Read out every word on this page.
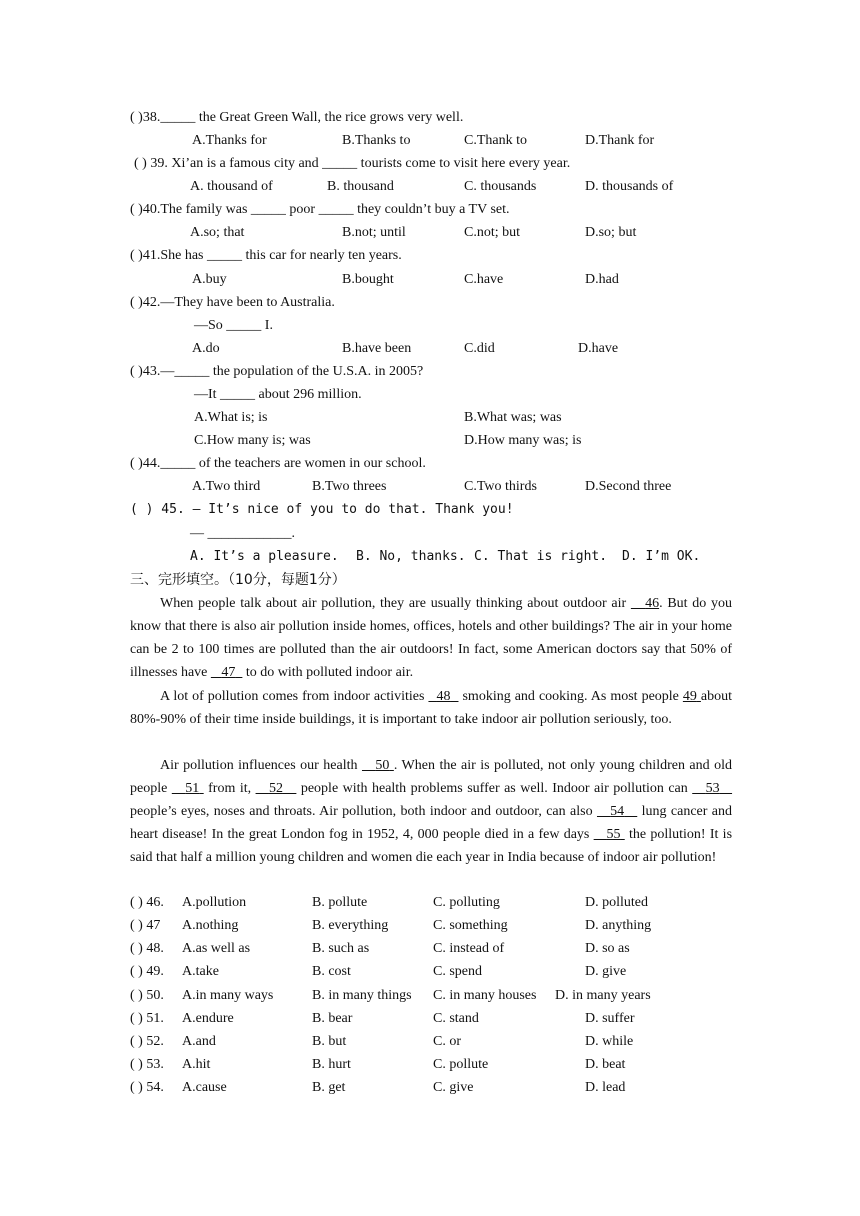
( )38._____ the Great Green Wall, the rice grows very well.
A.Thanks for	B.Thanks to	C.Thank to	D.Thank for
( ) 39. Xi’an is a famous city and _____ tourists come to visit here every year.
A. thousand of	B. thousand	C. thousands	D. thousands of
( )40.The family was _____ poor _____ they couldn’t buy a TV set.
A.so; that	B.not; until	C.not; but	D.so; but
( )41.She has _____ this car for nearly ten years.
A.buy	B.bought	C.have	D.had
( )42.—They have been to Australia.
—So _____ I.
A.do	B.have been	C.did	D.have
( )43.—_____ the population of the U.S.A. in 2005?
—It _____ about 296 million.
A.What is; is	B.What was; was
C.How many is; was	D.How many was; is
( )44._____ of the teachers are women in our school.
A.Two third	B.Two threes	C.Two thirds	D.Second three
( ) 45. — It’s nice of you to do that. Thank you!
— ____________.
A. It’s a pleasure. B. No, thanks. C. That is right. D. I’m OK.
三、完形填空。（10分，每题1分）
When people talk about air pollution, they are usually thinking about outdoor air    46. But do you know that there is also air pollution inside homes, offices, hotels and other buildings? The air in your home can be 2 to 100 times are polluted than the air outdoors! In fact, some American doctors say that 50% of illnesses have    47   to do with polluted indoor air.
A lot of pollution comes from indoor activities   48   smoking and cooking. As most people 49 about 80%-90% of their time inside buildings, it is important to take indoor air pollution seriously, too.
Air pollution influences our health    50 . When the air is polluted, not only young children and old people    51  from it,    52    people with health problems suffer as well. Indoor air pollution can    53    people’s eyes, noses and throats. Air pollution, both indoor and outdoor, can also    54    lung cancer and heart disease! In the great London fog in 1952, 4, 000 people died in a few days    55  the pollution! It is said that half a million young children and women die each year in India because of indoor air pollution!
( ) 46. A.pollution	B. pollute	C. polluting	D. polluted
( ) 47 A.nothing	B. everything	C. something	D. anything
( ) 48. A.as well as	B. such as	C. instead of	D. so as
( ) 49. A.take	B. cost	C. spend	D. give
( ) 50. A.in many ways	B. in many things C. in many houses D. in many years
( ) 51. A.endure	B. bear	C. stand	D. suffer
( ) 52. A.and	B. but	C. or	D. while
( ) 53. A.hit	B. hurt	C. pollute	D. beat
( ) 54. A.cause	B. get	C. give	D. lead
